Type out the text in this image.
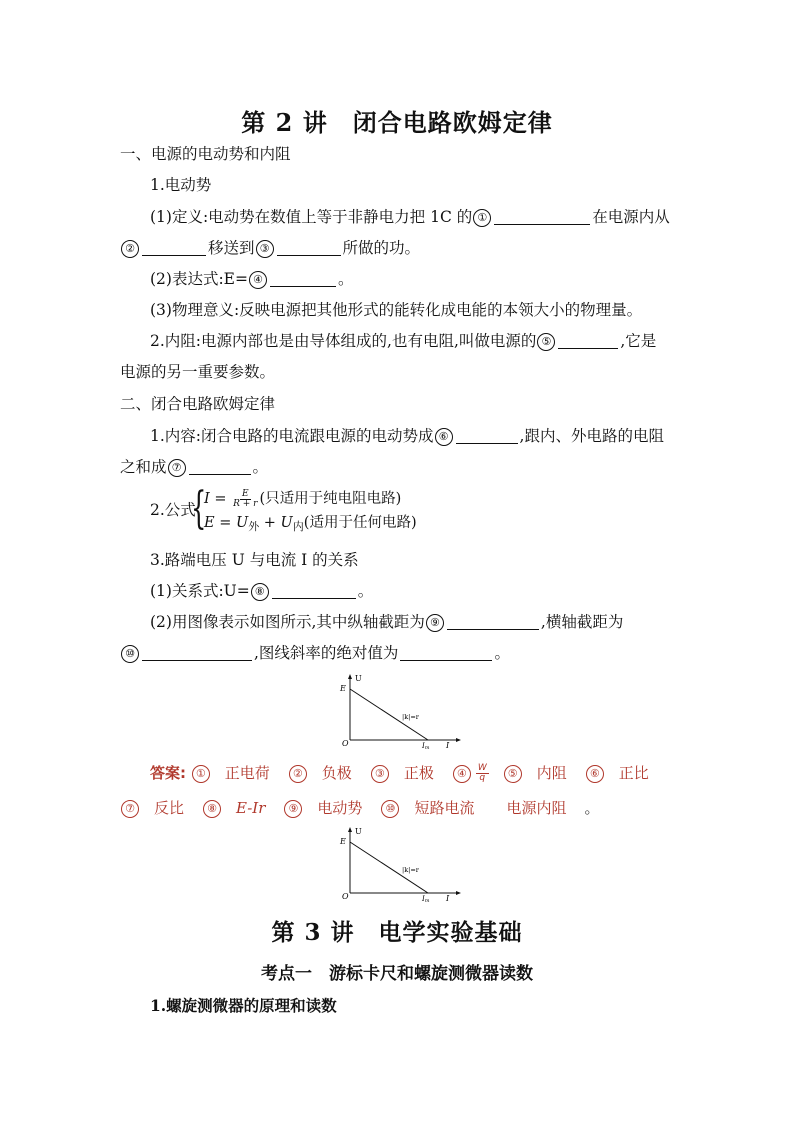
第 2 讲　闭合电路欧姆定律
一、电源的电动势和内阻
1.电动势
(1)定义:电动势在数值上等于非静电力把 1C 的 ①	在电源内从
②	移送到 ③	所做的功。
(2)表达式:E= ④	。
(3)物理意义:反映电源把其他形式的能转化成电能的本领大小的物理量。
2.内阻:电源内部也是由导体组成的,也有电阻,叫做电源的 ⑤	,它是
电源的另一重要参数。
二、闭合电路欧姆定律
1.内容:闭合电路的电流跟电源的电动势成 ⑥	,跟内、外电路的电阻
之和成 ⑦	。
2.公式
{
$I = \frac{E}{R + r}$ (只适用于纯电阻电路)
$E = U_外 + U_内$(适用于任何电路)
3.路端电压 U 与电流 I 的关系
(1)关系式:U= ⑧	。
(2)用图像表示如图所示,其中纵轴截距为 ⑨	,横轴截距为
⑩	,图线斜率的绝对值为	。
U
E
O	I
Im
|k|=r
答案: ① 正电荷 ② 负极 ③ 正极 ④ $\frac{W}{q}$ ⑤ 内阻 ⑥ 正比
⑦ 反比 ⑧ E-Ir ⑨ 电动势 ⑩ 短路电流 电源内阻 。
U
E
O	I
Im
|k|=r
第 3 讲　电学实验基础
考点一　游标卡尺和螺旋测微器读数
1.螺旋测微器的原理和读数
